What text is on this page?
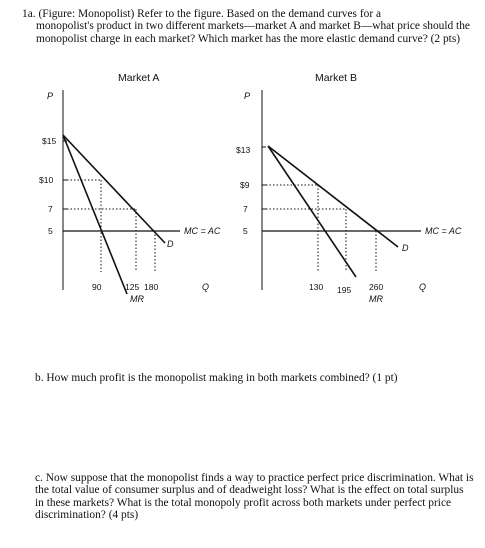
1a. (Figure: Monopolist) Refer to the figure. Based on the demand curves for a
monopolist's product in two different markets—market A and market B—what price should the monopolist charge in each market? Which market has the more elastic demand curve? (2 pts)
Market A	Market B
P
$15
$10
7
5	MC = AC
D
MR
90	125 180	Q
P
$13
$9
7
5	MC = AC
D
130 195 260
MR
Q
b. How much profit is the monopolist making in both markets combined? (1 pt)
c. Now suppose that the monopolist finds a way to practice perfect price discrimination. What is the total value of consumer surplus and of deadweight loss? What is the effect on total surplus in these markets? What is the total monopoly profit across both markets under perfect price discrimination? (4 pts)
